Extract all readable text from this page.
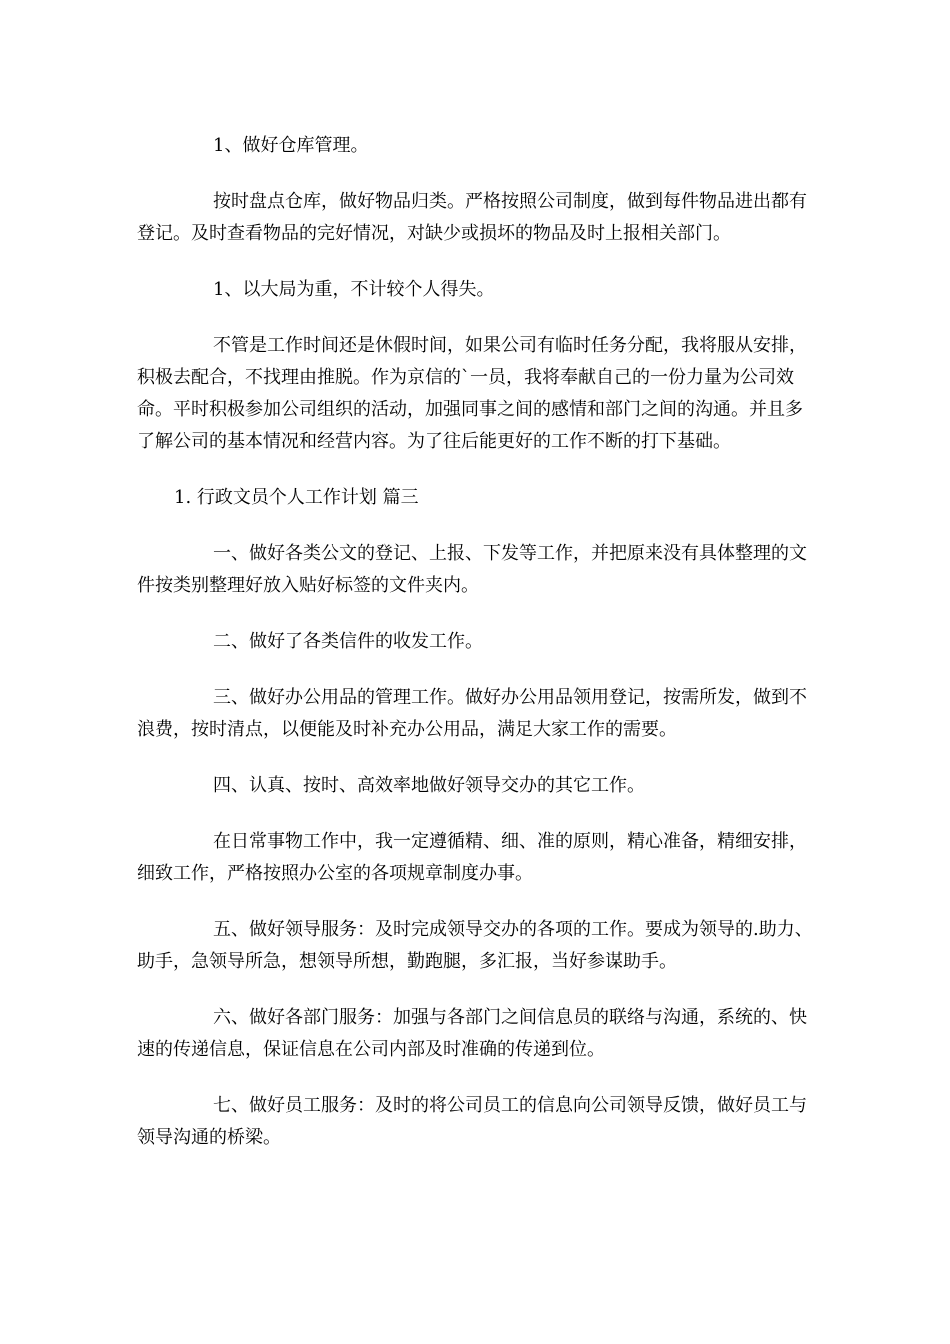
1、做好仓库管理。

按时盘点仓库，做好物品归类。严格按照公司制度，做到每件物品进出都有登记。及时查看物品的完好情况，对缺少或损坏的物品及时上报相关部门。

1、以大局为重，不计较个人得失。

不管是工作时间还是休假时间，如果公司有临时任务分配，我将服从安排，积极去配合，不找理由推脱。作为京信的`一员，我将奉献自己的一份力量为公司效命。平时积极参加公司组织的活动，加强同事之间的感情和部门之间的沟通。并且多了解公司的基本情况和经营内容。为了往后能更好的工作不断的打下基础。

1. 行政文员个人工作计划 篇三

一、做好各类公文的登记、上报、下发等工作，并把原来没有具体整理的文件按类别整理好放入贴好标签的文件夹内。

二、做好了各类信件的收发工作。

三、做好办公用品的管理工作。做好办公用品领用登记，按需所发，做到不浪费，按时清点，以便能及时补充办公用品，满足大家工作的需要。

四、认真、按时、高效率地做好领导交办的其它工作。

在日常事物工作中，我一定遵循精、细、准的原则，精心准备，精细安排，细致工作，严格按照办公室的各项规章制度办事。

五、做好领导服务：及时完成领导交办的各项的工作。要成为领导的.助力、助手，急领导所急，想领导所想，勤跑腿，多汇报，当好参谋助手。

六、做好各部门服务：加强与各部门之间信息员的联络与沟通，系统的、快速的传递信息，保证信息在公司内部及时准确的传递到位。

七、做好员工服务：及时的将公司员工的信息向公司领导反馈，做好员工与领导沟通的桥梁。
